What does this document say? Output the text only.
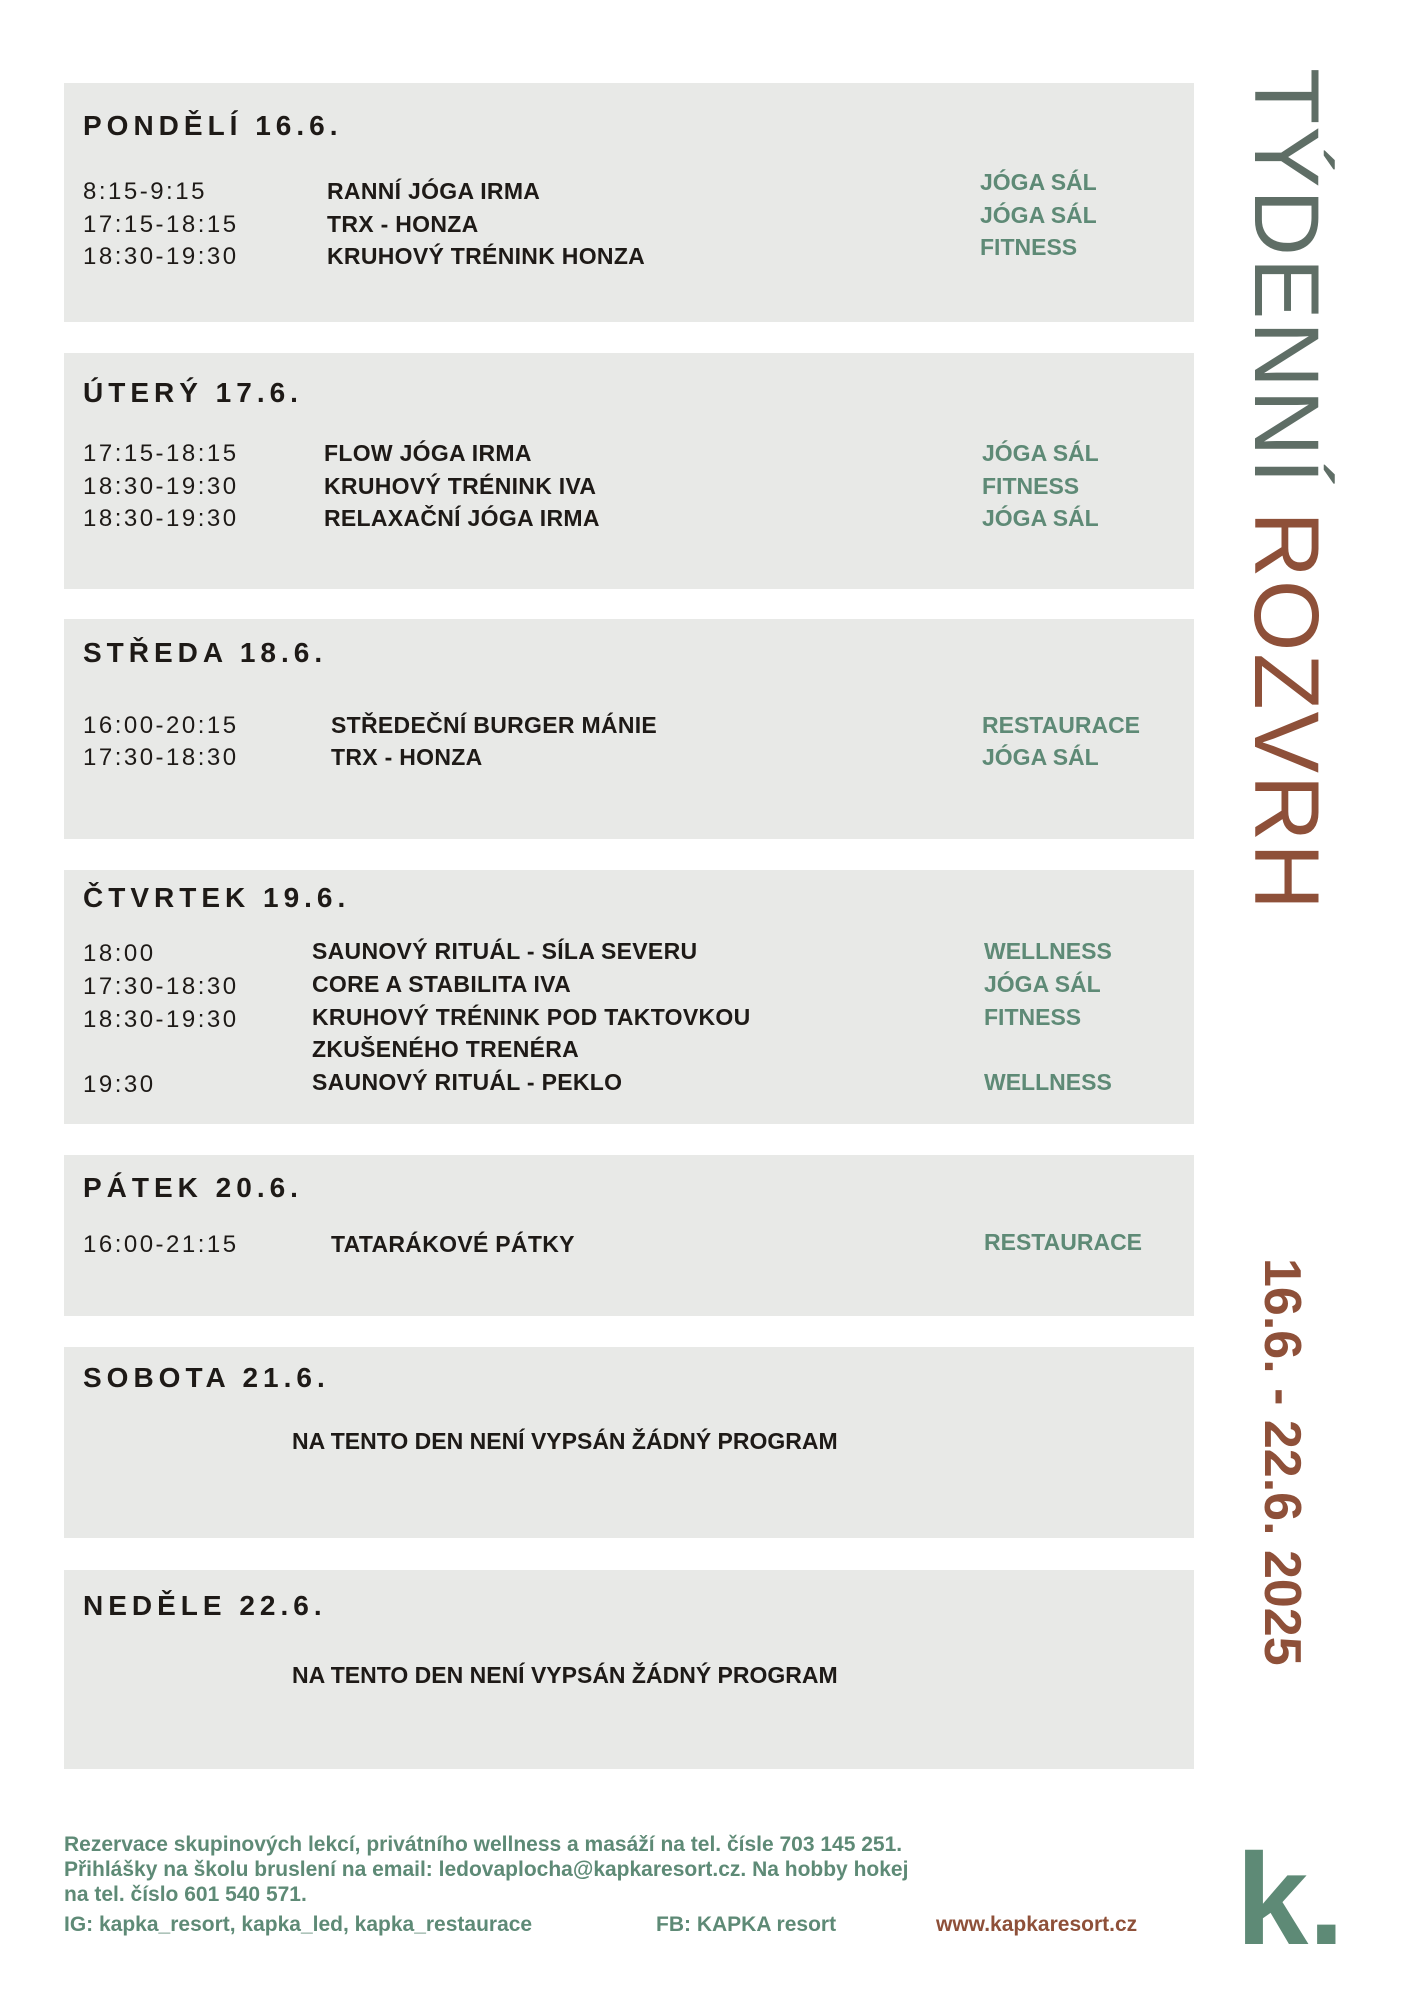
PONDĚLÍ 16.6.
8:15-9:15	RANNÍ JÓGA IRMA	JÓGA SÁL
17:15-18:15	TRX - HONZA	JÓGA SÁL
18:30-19:30	KRUHOVÝ TRÉNINK HONZA	FITNESS
ÚTERÝ 17.6.
17:15-18:15	FLOW JÓGA IRMA	JÓGA SÁL
18:30-19:30	KRUHOVÝ TRÉNINK IVA	FITNESS
18:30-19:30	RELAXAČNÍ JÓGA IRMA	JÓGA SÁL
STŘEDA 18.6.
16:00-20:15	STŘEDEČNÍ BURGER MÁNIE	RESTAURACE
17:30-18:30	TRX - HONZA	JÓGA SÁL
ČTVRTEK 19.6.
18:00	SAUNOVÝ RITUÁL - SÍLA SEVERU	WELLNESS
17:30-18:30	CORE A STABILITA IVA	JÓGA SÁL
18:30-19:30	KRUHOVÝ TRÉNINK POD TAKTOVKOU	FITNESS
ZKUŠENÉHO TRENÉRA
19:30	SAUNOVÝ RITUÁL - PEKLO	WELLNESS
PÁTEK 20.6.
16:00-21:15	TATARÁKOVÉ PÁTKY	RESTAURACE
SOBOTA 21.6.
NA TENTO DEN NENÍ VYPSÁN ŽÁDNÝ PROGRAM
NEDĚLE 22.6.
NA TENTO DEN NENÍ VYPSÁN ŽÁDNÝ PROGRAM
TÝDENNÍ ROZVRH
16.6. - 22.6. 2025
k.
Rezervace skupinových lekcí, privátního wellness a masáží na tel. čísle 703 145 251.
Přihlášky na školu bruslení na email: ledovaplocha@kapkaresort.cz. Na hobby hokej
na tel. číslo 601 540 571.
IG: kapka_resort, kapka_led, kapka_restaurace	FB: KAPKA resort	www.kapkaresort.cz
